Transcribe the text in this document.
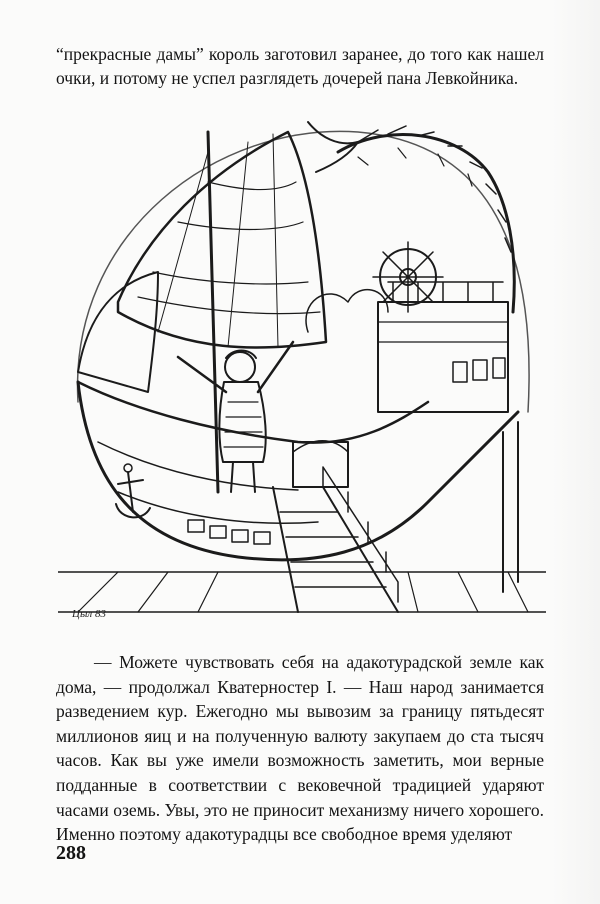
“прекрасные дамы” король заготовил заранее, до того как нашел очки, и потому не успел разглядеть дочерей пана Левкойника.

Цыл 83

— Можете чувствовать себя на адакотурадской земле как дома, — продолжал Кватерностер I. — Наш народ занимается разведением кур. Ежегодно мы вывозим за границу пятьдесят миллионов яиц и на полученную валюту закупаем до ста тысяч часов. Как вы уже имели возможность заметить, мои верные подданные в соответствии с вековечной традицией ударяют часами оземь. Увы, это не приносит механизму ничего хорошего. Именно поэтому адакотурадцы все свободное время уделяют

288
